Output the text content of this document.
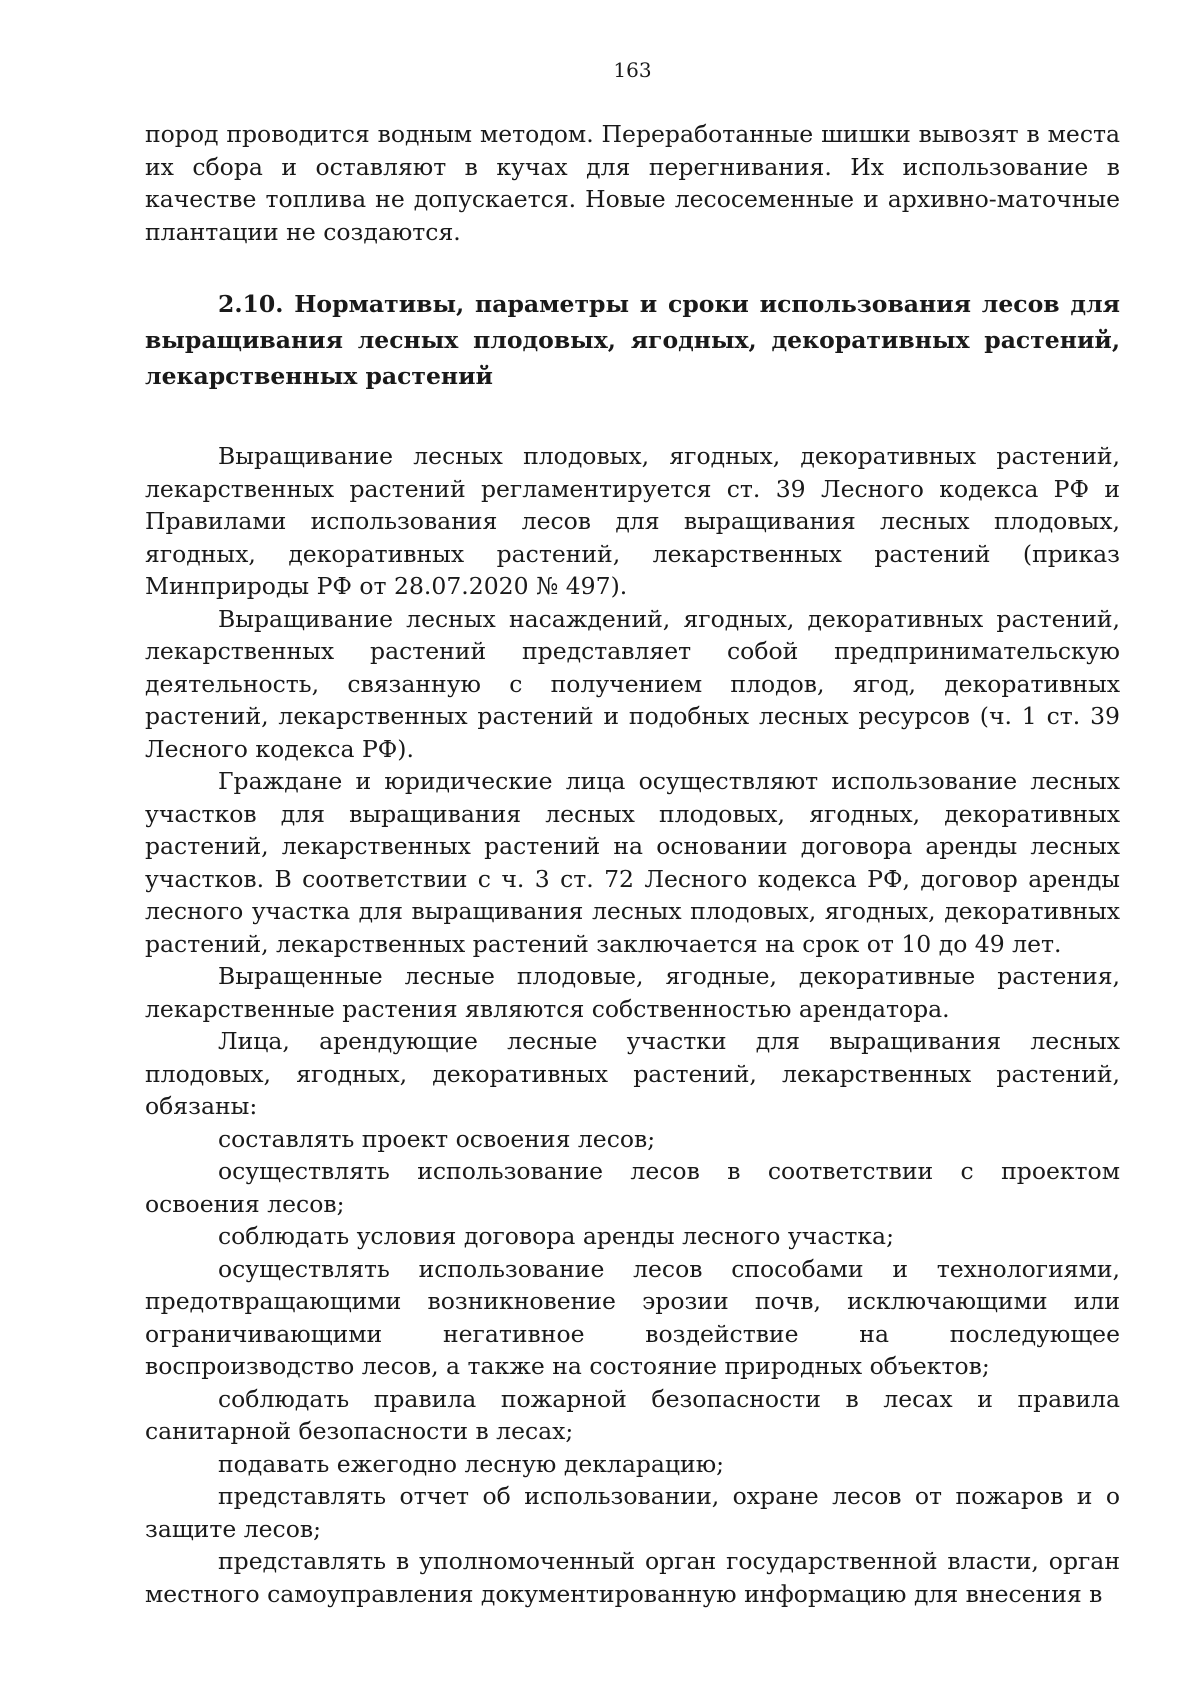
163

пород проводится водным методом. Переработанные шишки вывозят в места их сбора и оставляют в кучах для перегнивания. Их использование в качестве топлива не допускается. Новые лесосеменные и архивно-маточные плантации не создаются.

2.10. Нормативы, параметры и сроки использования лесов для выращивания лесных плодовых, ягодных, декоративных растений, лекарственных растений

Выращивание лесных плодовых, ягодных, декоративных растений, лекарственных растений регламентируется ст. 39 Лесного кодекса РФ и Правилами использования лесов для выращивания лесных плодовых, ягодных, декоративных растений, лекарственных растений (приказ Минприроды РФ от 28.07.2020 № 497).

Выращивание лесных насаждений, ягодных, декоративных растений, лекарственных растений представляет собой предпринимательскую деятельность, связанную с получением плодов, ягод, декоративных растений, лекарственных растений и подобных лесных ресурсов (ч. 1 ст. 39 Лесного кодекса РФ).

Граждане и юридические лица осуществляют использование лесных участков для выращивания лесных плодовых, ягодных, декоративных растений, лекарственных растений на основании договора аренды лесных участков. В соответствии с ч. 3 ст. 72 Лесного кодекса РФ, договор аренды лесного участка для выращивания лесных плодовых, ягодных, декоративных растений, лекарственных растений заключается на срок от 10 до 49 лет.

Выращенные лесные плодовые, ягодные, декоративные растения, лекарственные растения являются собственностью арендатора.

Лица, арендующие лесные участки для выращивания лесных плодовых, ягодных, декоративных растений, лекарственных растений, обязаны:

составлять проект освоения лесов;

осуществлять использование лесов в соответствии с проектом освоения лесов;

соблюдать условия договора аренды лесного участка;

осуществлять использование лесов способами и технологиями, предотвращающими возникновение эрозии почв, исключающими или ограничивающими негативное воздействие на последующее воспроизводство лесов, а также на состояние природных объектов;

соблюдать правила пожарной безопасности в лесах и правила санитарной безопасности в лесах;

подавать ежегодно лесную декларацию;

представлять отчет об использовании, охране лесов от пожаров и о защите лесов;

представлять в уполномоченный орган государственной власти, орган местного самоуправления документированную информацию для внесения в
